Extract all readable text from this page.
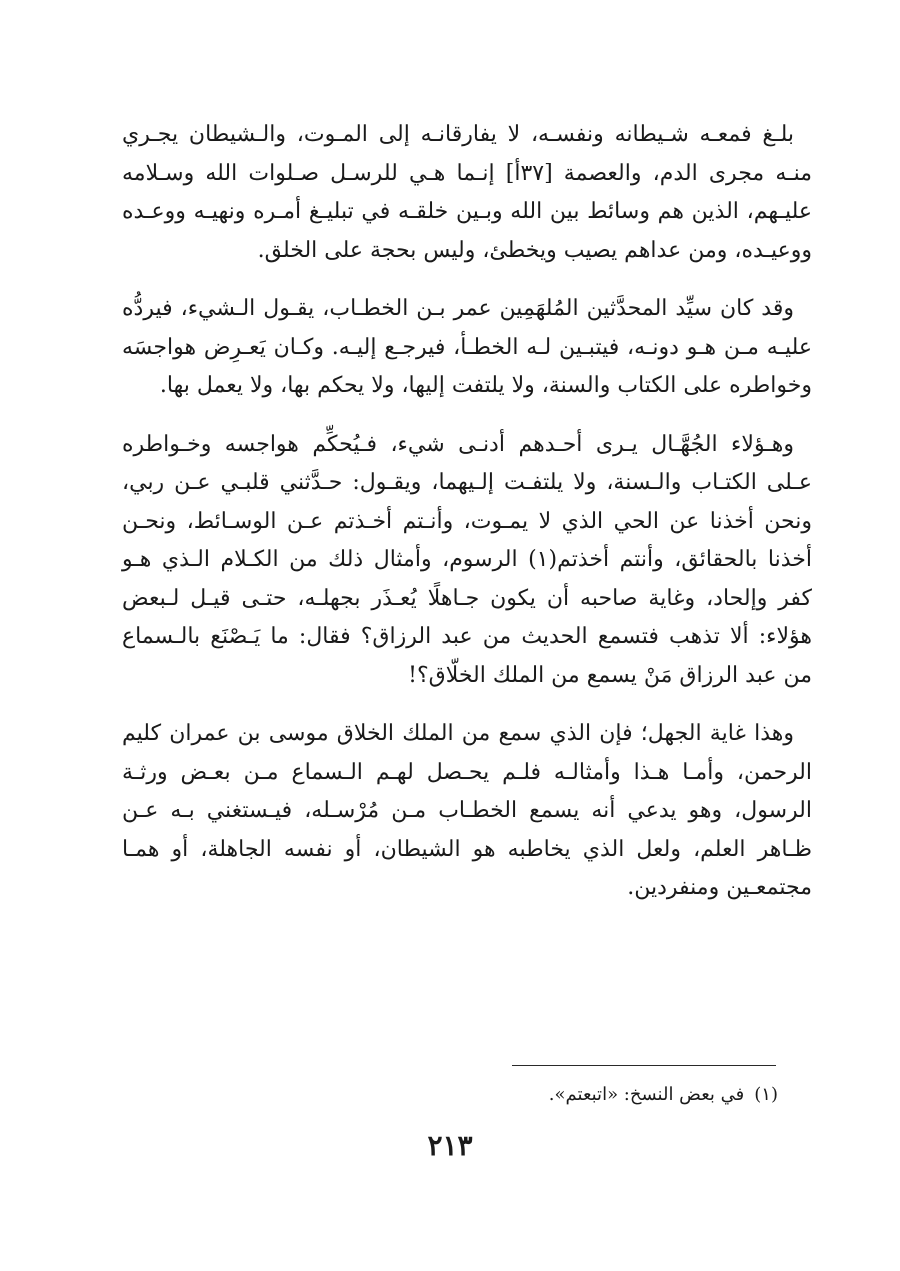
بلـغ فمعـه شـيطانه ونفسـه، لا يفارقانـه إلى المـوت، والـشيطان يجـري منـه مجرى الدم، والعصمة [٣٧أ] إنـما هـي للرسـل صـلوات الله وسـلامه عليـهم، الذين هم وسائط بين الله وبـين خلقـه في تبليـغ أمـره ونهيـه ووعـده ووعيـده، ومن عداهم يصيب ويخطئ، وليس بحجة على الخلق.

وقد كان سيِّد المحدَّثين المُلهَمِين عمر بـن الخطـاب، يقـول الـشيء، فيردُّه عليـه مـن هـو دونـه، فيتبـين لـه الخطـأ، فيرجـع إليـه. وكـان يَعـرِض هواجسَه وخواطره على الكتاب والسنة، ولا يلتفت إليها، ولا يحكم بها، ولا يعمل بها.

وهـؤلاء الجُهَّـال يـرى أحـدهم أدنـى شيء، فـيُحكِّم هواجسه وخـواطره عـلى الكتـاب والـسنة، ولا يلتفـت إلـيهما، ويقـول: حـدَّثني قلبـي عـن ربي، ونحن أخذنا عن الحي الذي لا يمـوت، وأنـتم أخـذتم عـن الوسـائط، ونحـن أخذنا بالحقائق، وأنتم أخذتم(١) الرسوم، وأمثال ذلك من الكـلام الـذي هـو كفر وإلحاد، وغاية صاحبه أن يكون جـاهلًا يُعـذَر بجهلـه، حتـى قيـل لـبعض هؤلاء: ألا تذهب فتسمع الحديث من عبد الرزاق؟ فقال: ما يَـصْنَع بالـسماع من عبد الرزاق مَنْ يسمع من الملك الخلّاق؟!

وهذا غاية الجهل؛ فإن الذي سمع من الملك الخلاق موسى بن عمران كليم الرحمن، وأمـا هـذا وأمثالـه فلـم يحـصل لهـم الـسماع مـن بعـض ورثـة الرسول، وهو يدعي أنه يسمع الخطـاب مـن مُرْسـله، فيـستغني بـه عـن ظـاهر العلم، ولعل الذي يخاطبه هو الشيطان، أو نفسه الجاهلة، أو همـا مجتمعـين ومنفردين.

(١)في بعض النسخ: «اتبعتم».

٢١٣
